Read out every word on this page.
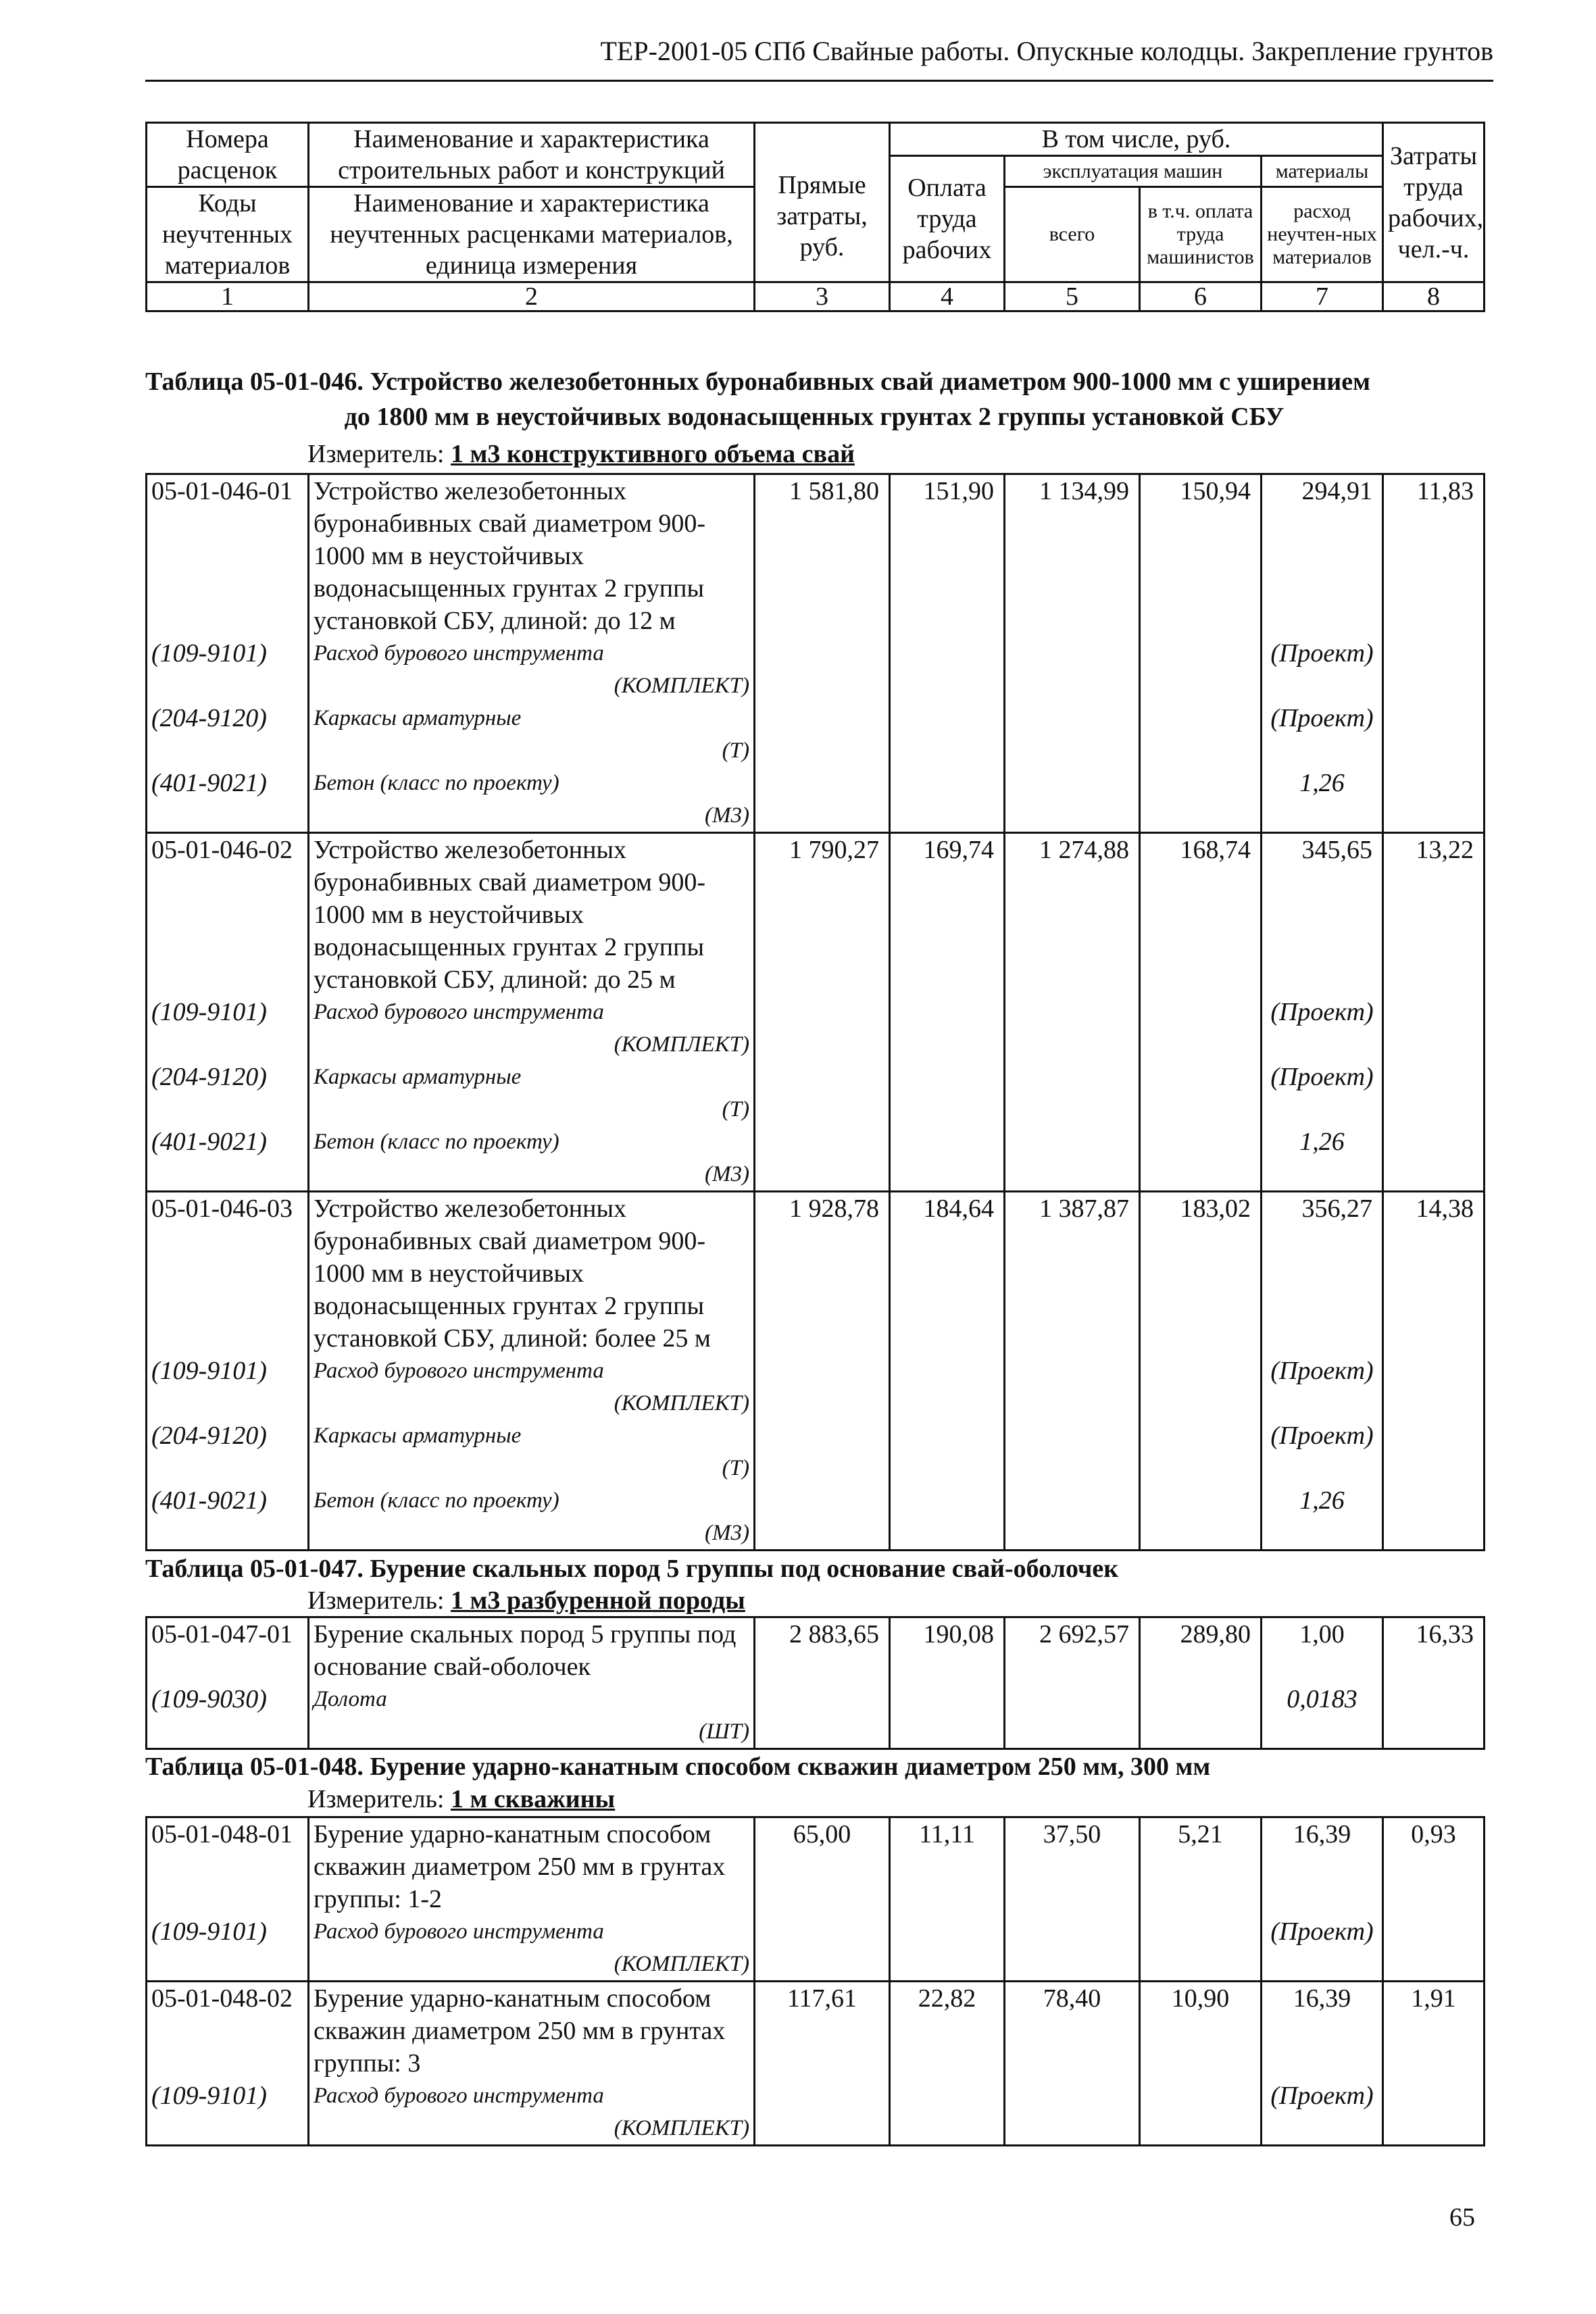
ТЕР-2001-05 СПб Свайные работы. Опускные колодцы. Закрепление грунтов
Номера расценок	Наименование и характеристика строительных работ и конструкций	Прямые затраты, руб.	В том числе, руб.				Затраты труда рабочих, чел.-ч.
			Оплата труда рабочих	эксплуатация машин		материалы	
Коды неучтенных материалов	Наименование и характеристика неучтенных расценками материалов, единица измерения			всего	в т.ч. оплата труда машинистов	расход неучтен-ных материалов	

1	2	3	4	5	6	7	8
Таблица 05-01-046. Устройство железобетонных буронабивных свай диаметром 900-1000 мм с уширением
до 1800 мм в неустойчивых водонасыщенных грунтах 2 группы установкой СБУ
Измеритель: 1 м3 конструктивного объема свай
05-01-046-01	Устройство железобетонных буронабивных свай диаметром 900-1000 мм в неустойчивых водонасыщенных грунтах 2 группы установкой СБУ, длиной: до 12 м	1 581,80	151,90	1 134,99	150,94	294,91	11,83
(109-9101)	Расход бурового инструмента
(КОМПЛЕКТ)					(Проект)	
(204-9120)	Каркасы арматурные
(Т)					(Проект)	
(401-9021)	Бетон (класс по проекту)
(М3)					1,26	
05-01-046-02	Устройство железобетонных буронабивных свай диаметром 900-1000 мм в неустойчивых водонасыщенных грунтах 2 группы установкой СБУ, длиной: до 25 м	1 790,27	169,74	1 274,88	168,74	345,65	13,22
(109-9101)	Расход бурового инструмента
(КОМПЛЕКТ)					(Проект)	
(204-9120)	Каркасы арматурные
(Т)					(Проект)	
(401-9021)	Бетон (класс по проекту)
(М3)					1,26	
05-01-046-03	Устройство железобетонных буронабивных свай диаметром 900-1000 мм в неустойчивых водонасыщенных грунтах 2 группы установкой СБУ, длиной: более 25 м	1 928,78	184,64	1 387,87	183,02	356,27	14,38
(109-9101)	Расход бурового инструмента
(КОМПЛЕКТ)					(Проект)	
(204-9120)	Каркасы арматурные
(Т)					(Проект)	
(401-9021)	Бетон (класс по проекту)
(М3)					1,26	
Таблица 05-01-047. Бурение скальных пород 5 группы под основание свай-оболочек
Измеритель: 1 м3 разбуренной породы
05-01-047-01	Бурение скальных пород 5 группы под основание свай-оболочек	2 883,65	190,08	2 692,57	289,80	1,00	16,33
(109-9030)	Долота
(ШТ)					0,0183	
Таблица 05-01-048. Бурение ударно-канатным способом скважин диаметром 250 мм, 300 мм
Измеритель: 1 м скважины
05-01-048-01	Бурение ударно-канатным способом скважин диаметром 250 мм в грунтах группы: 1-2	65,00	11,11	37,50	5,21	16,39	0,93
(109-9101)	Расход бурового инструмента
(КОМПЛЕКТ)					(Проект)	
05-01-048-02	Бурение ударно-канатным способом скважин диаметром 250 мм в грунтах группы: 3	117,61	22,82	78,40	10,90	16,39	1,91
(109-9101)	Расход бурового инструмента
(КОМПЛЕКТ)					(Проект)	
65
